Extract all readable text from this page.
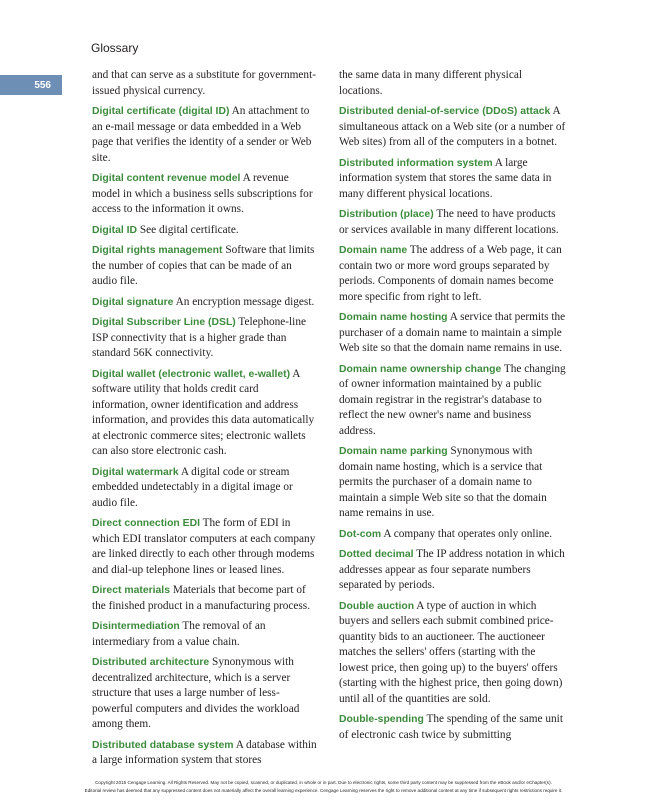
Glossary
556

and that can serve as a substitute for government-issued physical currency.

Digital certificate (digital ID) An attachment to an e-mail message or data embedded in a Web page that verifies the identity of a sender or Web site.

Digital content revenue model A revenue model in which a business sells subscriptions for access to the information it owns.

Digital ID See digital certificate.

Digital rights management Software that limits the number of copies that can be made of an audio file.

Digital signature An encryption message digest.

Digital Subscriber Line (DSL) Telephone-line ISP connectivity that is a higher grade than standard 56K connectivity.

Digital wallet (electronic wallet, e-wallet) A software utility that holds credit card information, owner identification and address information, and provides this data automatically at electronic commerce sites; electronic wallets can also store electronic cash.

Digital watermark A digital code or stream embedded undetectably in a digital image or audio file.

Direct connection EDI The form of EDI in which EDI translator computers at each company are linked directly to each other through modems and dial-up telephone lines or leased lines.

Direct materials Materials that become part of the finished product in a manufacturing process.

Disintermediation The removal of an intermediary from a value chain.

Distributed architecture Synonymous with decentralized architecture, which is a server structure that uses a large number of less-powerful computers and divides the workload among them.

Distributed database system A database within a large information system that stores

the same data in many different physical locations.

Distributed denial-of-service (DDoS) attack A simultaneous attack on a Web site (or a number of Web sites) from all of the computers in a botnet.

Distributed information system A large information system that stores the same data in many different physical locations.

Distribution (place) The need to have products or services available in many different locations.

Domain name The address of a Web page, it can contain two or more word groups separated by periods. Components of domain names become more specific from right to left.

Domain name hosting A service that permits the purchaser of a domain name to maintain a simple Web site so that the domain name remains in use.

Domain name ownership change The changing of owner information maintained by a public domain registrar in the registrar's database to reflect the new owner's name and business address.

Domain name parking Synonymous with domain name hosting, which is a service that permits the purchaser of a domain name to maintain a simple Web site so that the domain name remains in use.

Dot-com A company that operates only online.

Dotted decimal The IP address notation in which addresses appear as four separate numbers separated by periods.

Double auction A type of auction in which buyers and sellers each submit combined price-quantity bids to an auctioneer. The auctioneer matches the sellers' offers (starting with the lowest price, then going up) to the buyers' offers (starting with the highest price, then going down) until all of the quantities are sold.

Double-spending The spending of the same unit of electronic cash twice by submitting

Copyright 2015 Cengage Learning. All Rights Reserved. May not be copied, scanned, or duplicated, in whole or in part. Due to electronic rights, some third party content may be suppressed from the eBook and/or eChapter(s).
Editorial review has deemed that any suppressed content does not materially affect the overall learning experience. Cengage Learning reserves the right to remove additional content at any time if subsequent rights restrictions require it.
